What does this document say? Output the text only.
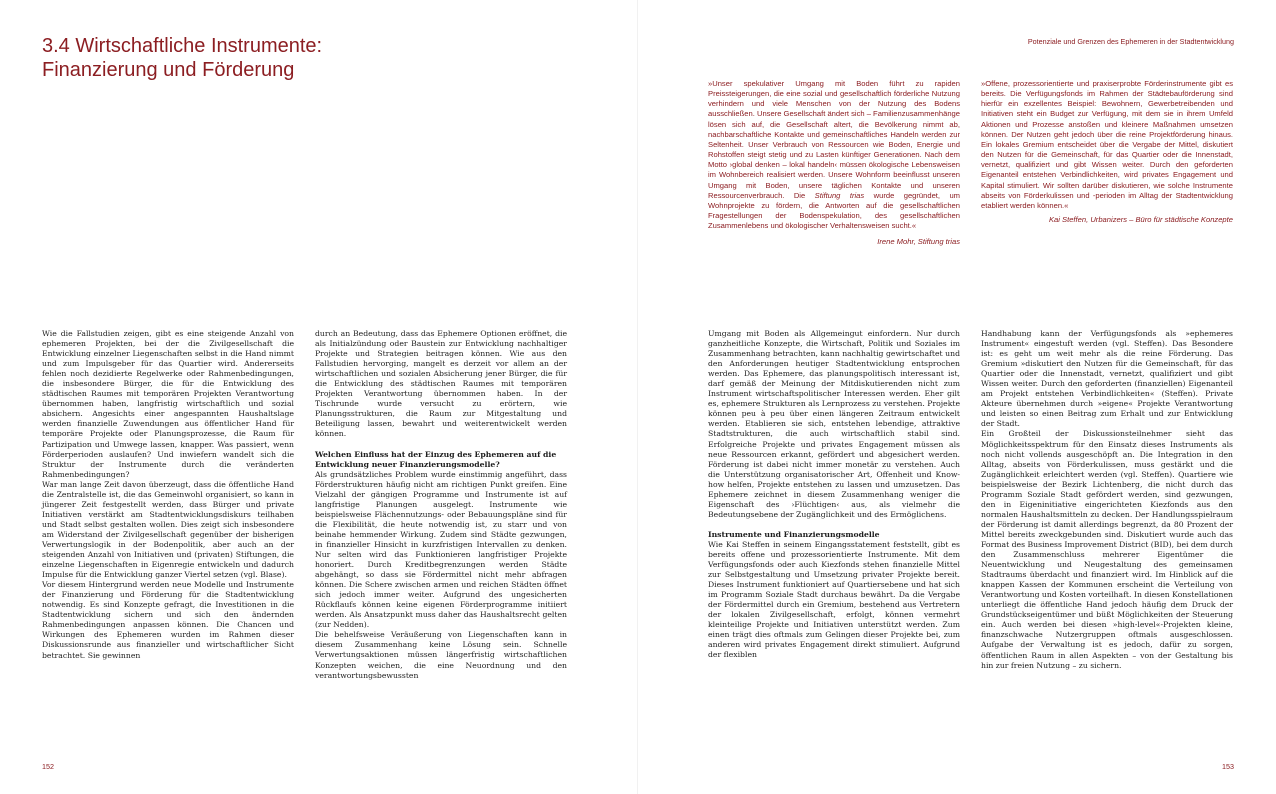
3.4 Wirtschaftliche Instrumente:
Finanzierung und Förderung
Potenziale und Grenzen des Ephemeren in der Stadtentwicklung

»Unser spekulativer Umgang mit Boden führt zu rapiden Preissteigerungen, die eine sozial und gesellschaftlich förderliche Nutzung verhindern und viele Menschen von der Nutzung des Bodens ausschließen. Unsere Gesellschaft ändert sich – Familienzusammenhänge lösen sich auf, die Gesellschaft altert, die Bevölkerung nimmt ab, nachbarschaftliche Kontakte und gemeinschaftliches Handeln werden zur Seltenheit. Unser Verbrauch von Ressourcen wie Boden, Energie und Rohstoffen steigt stetig und zu Lasten künftiger Generationen. Nach dem Motto ›global denken – lokal handeln‹ müssen ökologische Lebensweisen im Wohnbereich realisiert werden. Unsere Wohnform beeinflusst unseren Umgang mit Boden, unsere täglichen Kontakte und unseren Ressourcenverbrauch. Die Stiftung trias wurde gegründet, um Wohnprojekte zu fördern, die Antworten auf die gesellschaftlichen Fragestellungen der Bodenspekulation, des gesellschaftlichen Zusammenlebens und ökologischer Verhaltensweisen sucht.«

Irene Mohr, Stiftung trias

»Offene, prozessorientierte und praxiserprobte Förderinstrumente gibt es bereits. Die Verfügungsfonds im Rahmen der Städtebauförderung sind hierfür ein exzellentes Beispiel: Bewohnern, Gewerbetreibenden und Initiativen steht ein Budget zur Verfügung, mit dem sie in ihrem Umfeld Aktionen und Prozesse anstoßen und kleinere Maßnahmen umsetzen können. Der Nutzen geht jedoch über die reine Projektförderung hinaus. Ein lokales Gremium entscheidet über die Vergabe der Mittel, diskutiert den Nutzen für die Gemeinschaft, für das Quartier oder die Innenstadt, vernetzt, qualifiziert und gibt Wissen weiter. Durch den geforderten Eigenanteil entstehen Verbindlichkeiten, wird privates Engagement und Kapital stimuliert. Wir sollten darüber diskutieren, wie solche Instrumente abseits von Förderkulissen und -perioden im Alltag der Stadtentwicklung etabliert werden können.«

Kai Steffen, Urbanizers – Büro für städtische Konzepte

Wie die Fallstudien zeigen, gibt es eine steigende Anzahl von ephemeren Projekten, bei der die Zivilgesellschaft die Entwicklung einzelner Liegenschaften selbst in die Hand nimmt und zum Impulsgeber für das Quartier wird. Andererseits fehlen noch dezidierte Regelwerke oder Rahmenbedingungen, die insbesondere Bürger, die für die Entwicklung des städtischen Raumes mit temporären Projekten Verantwortung übernommen haben, langfristig wirtschaftlich und sozial absichern. Angesichts einer angespannten Haushaltslage werden finanzielle Zuwendungen aus öffentlicher Hand für temporäre Projekte oder Planungsprozesse, die Raum für Partizipation und Umwege lassen, knapper. Was passiert, wenn Förderperioden auslaufen? Und inwiefern wandelt sich die Struktur der Instrumente durch die veränderten Rahmenbedingungen?

War man lange Zeit davon überzeugt, dass die öffentliche Hand die Zentralstelle ist, die das Gemeinwohl organisiert, so kann in jüngerer Zeit festgestellt werden, dass Bürger und private Initiativen verstärkt am Stadtentwicklungsdiskurs teilhaben und Stadt selbst gestalten wollen. Dies zeigt sich insbesondere am Widerstand der Zivilgesellschaft gegenüber der bisherigen Verwertungslogik in der Bodenpolitik, aber auch an der steigenden Anzahl von Initiativen und (privaten) Stiftungen, die einzelne Liegenschaften in Eigenregie entwickeln und dadurch Impulse für die Entwicklung ganzer Viertel setzen (vgl. Blase).

Vor diesem Hintergrund werden neue Modelle und Instrumente der Finanzierung und Förderung für die Stadtentwicklung notwendig. Es sind Konzepte gefragt, die Investitionen in die Stadtentwicklung sichern und sich den ändernden Rahmenbedingungen anpassen können. Die Chancen und Wirkungen des Ephemeren wurden im Rahmen dieser Diskussionsrunde aus finanzieller und wirtschaftlicher Sicht betrachtet. Sie gewinnen

durch an Bedeutung, dass das Ephemere Optionen eröffnet, die als Initialzündung oder Baustein zur Entwicklung nachhaltiger Projekte und Strategien beitragen können. Wie aus den Fallstudien hervorging, mangelt es derzeit vor allem an der wirtschaftlichen und sozialen Absicherung jener Bürger, die für die Entwicklung des städtischen Raumes mit temporären Projekten Verantwortung übernommen haben. In der Tischrunde wurde versucht zu erörtern, wie Planungsstrukturen, die Raum zur Mitgestaltung und Beteiligung lassen, bewahrt und weiterentwickelt werden können.

Welchen Einfluss hat der Einzug des Ephemeren auf die Entwicklung neuer Finanzierungsmodelle?

Als grundsätzliches Problem wurde einstimmig angeführt, dass Förderstrukturen häufig nicht am richtigen Punkt greifen. Eine Vielzahl der gängigen Programme und Instrumente ist auf langfristige Planungen ausgelegt. Instrumente wie beispielsweise Flächennutzungs- oder Bebauungspläne sind für die Flexibilität, die heute notwendig ist, zu starr und von beinahe hemmender Wirkung. Zudem sind Städte gezwungen, in finanzieller Hinsicht in kurzfristigen Intervallen zu denken. Nur selten wird das Funktionieren langfristiger Projekte honoriert. Durch Kreditbegrenzungen werden Städte abgehängt, so dass sie Fördermittel nicht mehr abfragen können. Die Schere zwischen armen und reichen Städten öffnet sich jedoch immer weiter. Aufgrund des ungesicherten Rückflaufs können keine eigenen Förderprogramme initiiert werden. Als Ansatzpunkt muss daher das Haushaltsrecht gelten (zur Nedden).

Die behelfsweise Veräußerung von Liegenschaften kann in diesem Zusammenhang keine Lösung sein. Schnelle Verwertungsaktionen müssen längerfristig wirtschaftlichen Konzepten weichen, die eine Neuordnung und den verantwortungsbewussten

Umgang mit Boden als Allgemeingut einfordern. Nur durch ganzheitliche Konzepte, die Wirtschaft, Politik und Soziales im Zusammenhang betrachten, kann nachhaltig gewirtschaftet und den Anforderungen heutiger Stadtentwicklung entsprochen werden. Das Ephemere, das planungspolitisch interessant ist, darf gemäß der Meinung der Mitdiskutierenden nicht zum Instrument wirtschaftspolitischer Interessen werden. Eher gilt es, ephemere Strukturen als Lernprozess zu verstehen. Projekte können peu à peu über einen längeren Zeitraum entwickelt werden. Etablieren sie sich, entstehen lebendige, attraktive Stadtstrukturen, die auch wirtschaftlich stabil sind. Erfolgreiche Projekte und privates Engagement müssen als neue Ressourcen erkannt, gefördert und abgesichert werden. Förderung ist dabei nicht immer monetär zu verstehen. Auch die Unterstützung organisatorischer Art, Offenheit und Know-how helfen, Projekte entstehen zu lassen und umzusetzen. Das Ephemere zeichnet in diesem Zusammenhang weniger die Eigenschaft des ›Flüchtigen‹ aus, als vielmehr die Bedeutungsebene der Zugänglichkeit und des Ermöglichens.

Instrumente und Finanzierungsmodelle

Wie Kai Steffen in seinem Eingangsstatement feststellt, gibt es bereits offene und prozessorientierte Instrumente. Mit dem Verfügungsfonds oder auch Kiezfonds stehen finanzielle Mittel zur Selbstgestaltung und Umsetzung privater Projekte bereit. Dieses Instrument funktioniert auf Quartiersebene und hat sich im Programm Soziale Stadt durchaus bewährt. Da die Vergabe der Fördermittel durch ein Gremium, bestehend aus Vertretern der lokalen Zivilgesellschaft, erfolgt, können vermehrt kleinteilige Projekte und Initiativen unterstützt werden. Zum einen trägt dies oftmals zum Gelingen dieser Projekte bei, zum anderen wird privates Engagement direkt stimuliert. Aufgrund der flexiblen

Handhabung kann der Verfügungsfonds als »ephemeres Instrument« eingestuft werden (vgl. Steffen). Das Besondere ist: es geht um weit mehr als die reine Förderung. Das Gremium »diskutiert den Nutzen für die Gemeinschaft, für das Quartier oder die Innenstadt, vernetzt, qualifiziert und gibt Wissen weiter. Durch den geforderten (finanziellen) Eigenanteil am Projekt entstehen Verbindlichkeiten« (Steffen). Private Akteure übernehmen durch »eigene« Projekte Verantwortung und leisten so einen Beitrag zum Erhalt und zur Entwicklung der Stadt.

Ein Großteil der Diskussionsteilnehmer sieht das Möglichkeitsspektrum für den Einsatz dieses Instruments als noch nicht vollends ausgeschöpft an. Die Integration in den Alltag, abseits von Förderkulissen, muss gestärkt und die Zugänglichkeit erleichtert werden (vgl. Steffen). Quartiere wie beispielsweise der Bezirk Lichtenberg, die nicht durch das Programm Soziale Stadt gefördert werden, sind gezwungen, den in Eigeninitiative eingerichteten Kiezfonds aus den normalen Haushaltsmitteln zu decken. Der Handlungsspielraum der Förderung ist damit allerdings begrenzt, da 80 Prozent der Mittel bereits zweckgebunden sind. Diskutiert wurde auch das Format des Business Improvement District (BID), bei dem durch den Zusammenschluss mehrerer Eigentümer die Neuentwicklung und Neugestaltung des gemeinsamen Stadtraums überdacht und finanziert wird. Im Hinblick auf die knappen Kassen der Kommunen erscheint die Verteilung von Verantwortung und Kosten vorteilhaft. In diesen Konstellationen unterliegt die öffentliche Hand jedoch häufig dem Druck der Grundstückseigentümer und büßt Möglichkeiten der Steuerung ein. Auch werden bei diesen »high-level«-Projekten kleine, finanzschwache Nutzergruppen oftmals ausgeschlossen. Aufgabe der Verwaltung ist es jedoch, dafür zu sorgen, öffentlichen Raum in allen Aspekten – von der Gestaltung bis hin zur freien Nutzung – zu sichern.

152	153
